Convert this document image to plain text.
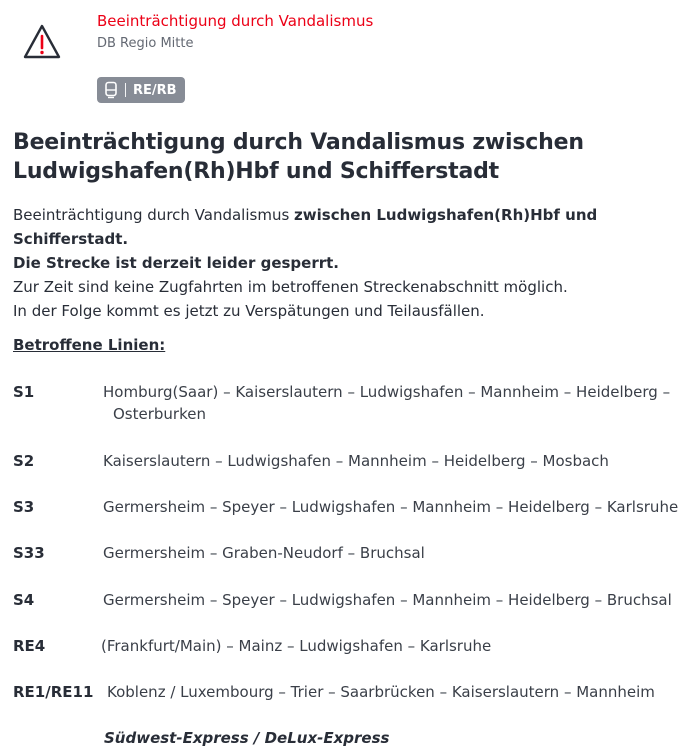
Beeinträchtigung durch Vandalismus
DB Regio Mitte
RE/RB
Beeinträchtigung durch Vandalismus zwischen Ludwigshafen(Rh)Hbf und Schifferstadt

Beeinträchtigung durch Vandalismus zwischen Ludwigshafen(Rh)Hbf und Schifferstadt.

Die Strecke ist derzeit leider gesperrt.

Zur Zeit sind keine Zugfahrten im betroffenen Streckenabschnitt möglich.

In der Folge kommt es jetzt zu Verspätungen und Teilausfällen.

Betroffene Linien:
S1	Homburg(Saar) – Kaiserslautern – Ludwigshafen – Mannheim – Heidelberg –
Osterburken
S2	Kaiserslautern – Ludwigshafen – Mannheim – Heidelberg – Mosbach
S3	Germersheim – Speyer – Ludwigshafen – Mannheim – Heidelberg – Karlsruhe
S33	Germersheim – Graben-Neudorf – Bruchsal
S4	Germersheim – Speyer – Ludwigshafen – Mannheim – Heidelberg – Bruchsal
RE4	(Frankfurt/Main) – Mainz – Ludwigshafen – Karlsruhe
RE1/RE11 Koblenz / Luxembourg – Trier – Saarbrücken – Kaiserslautern – Mannheim
Südwest-Express / DeLux-Express
